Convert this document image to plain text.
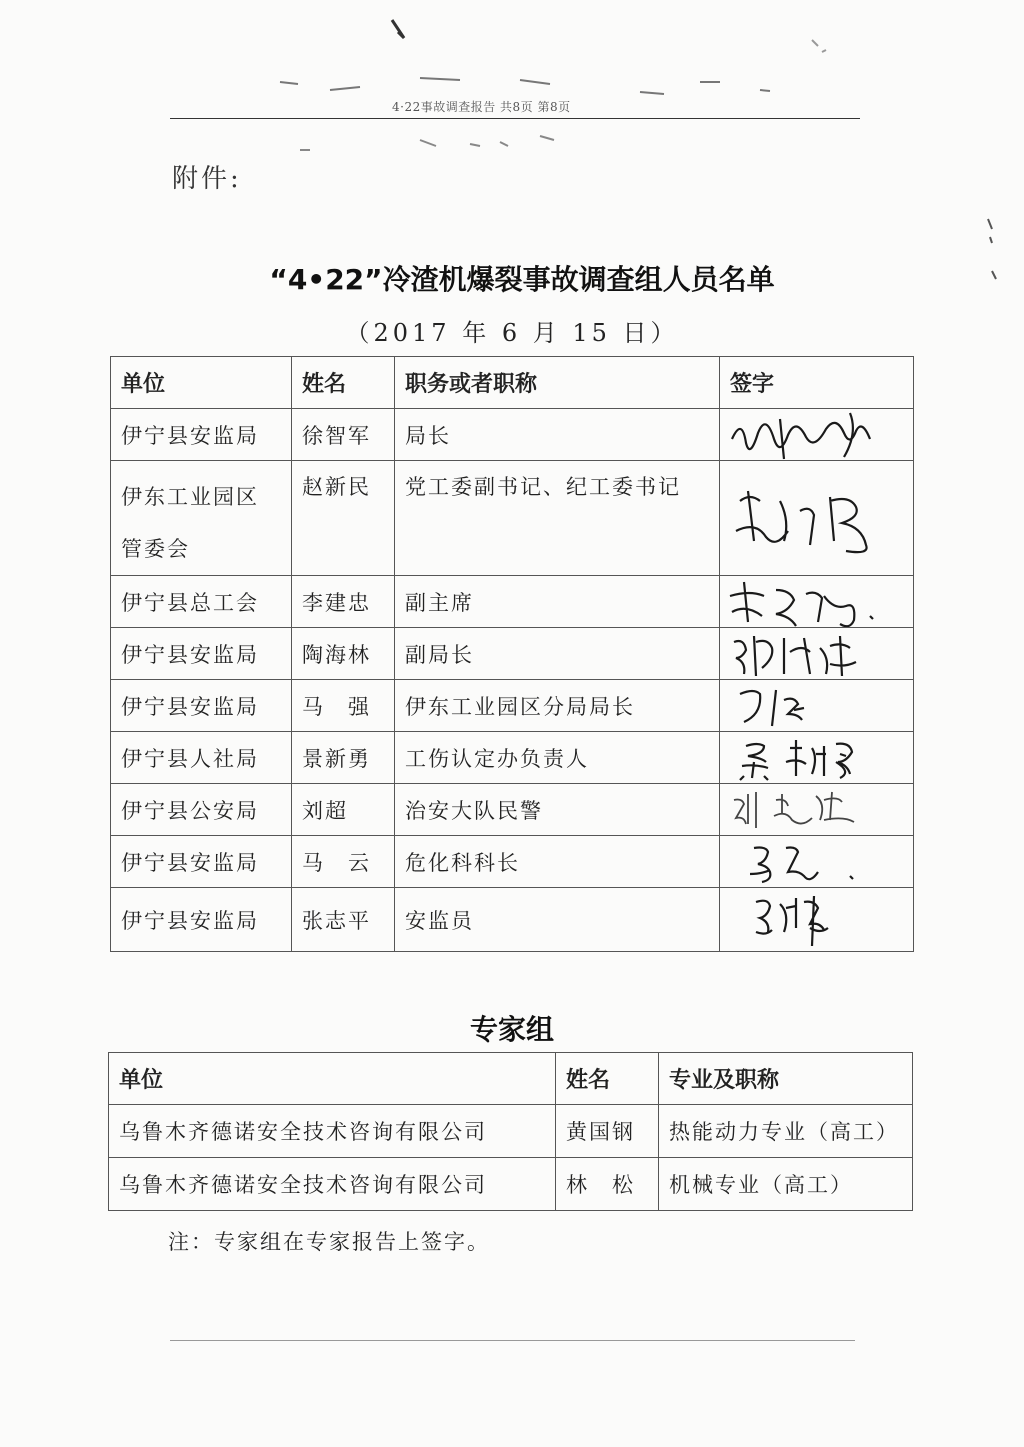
4·22事故调查报告 共8页 第8页
附件:
“4•22”冷渣机爆裂事故调查组人员名单
（2017 年 6 月 15 日）
单位	姓名	职务或者职称	签字
伊宁县安监局	徐智军	局长	

伊东工业园区管委会	赵新民	党工委副书记、纪工委书记	

伊宁县总工会	李建忠	副主席	

伊宁县安监局	陶海林	副局长	

伊宁县安监局	马　强	伊东工业园区分局局长	

伊宁县人社局	景新勇	工伤认定办负责人	

伊宁县公安局	刘超	治安大队民警	

伊宁县安监局	马　云	危化科科长	

伊宁县安监局	张志平	安监员	
专家组
单位	姓名	专业及职称
乌鲁木齐德诺安全技术咨询有限公司	黄国钢	热能动力专业（高工）
乌鲁木齐德诺安全技术咨询有限公司	林　松	机械专业（高工）
注：专家组在专家报告上签字。
